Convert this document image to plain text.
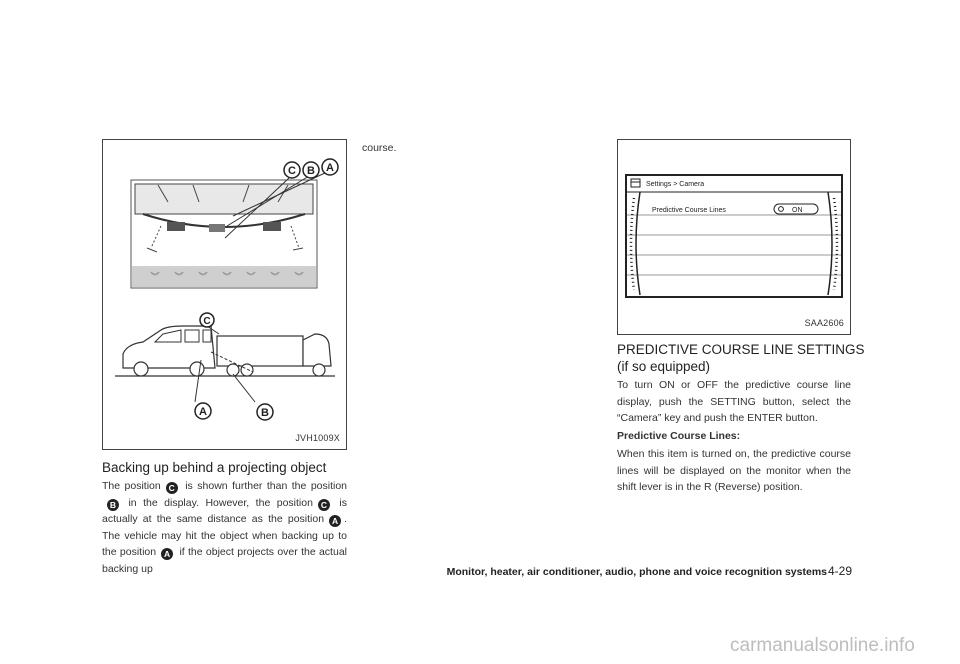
C B A
C
A	B
JVH1009X
Backing up behind a projecting object
The position C is shown further than the positionB in the display. However, the position C is actually at the same distance as the position A . The vehicle may hit the object when backing up to the position A if the object projects over the actual backing up
course.
Settings > Camera
Predictive Course Lines	ON
SAA2606
PREDICTIVE COURSE LINE SETTINGS
(if so equipped)
To turn ON or OFF the predictive course line display, push the SETTING button, select the “Camera” key and push the ENTER button.
Predictive Course Lines:
When this item is turned on, the predictive course lines will be displayed on the monitor when the shift lever is in the R (Reverse) position.
Monitor, heater, air conditioner, audio, phone and voice recognition systems 4-29
carmanualsonline.info
